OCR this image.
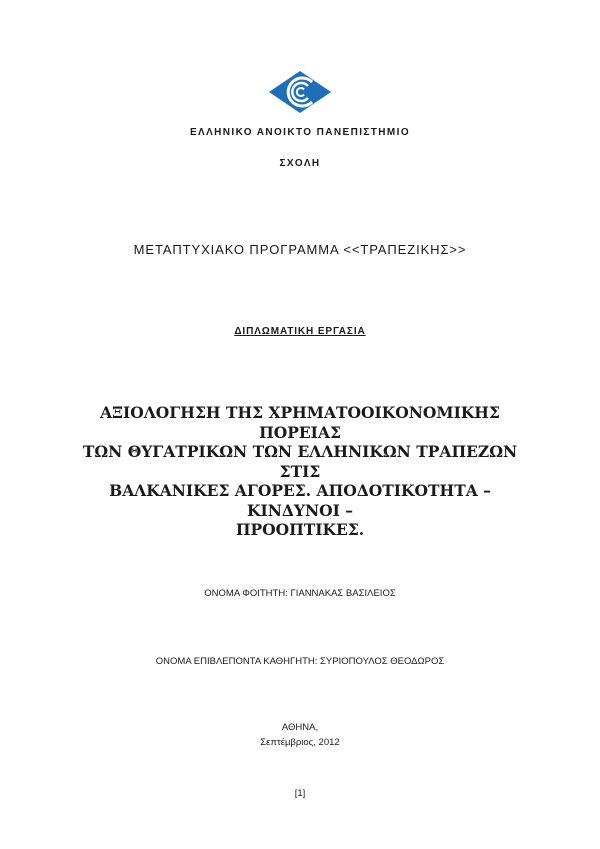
ΕΛΛΗΝΙΚΟ ΑΝΟΙΚΤΟ ΠΑΝΕΠΙΣΤΗΜΙΟ
ΣΧΟΛΗ
ΜΕΤΑΠΤΥΧΙΑΚΟ ΠΡΟΓΡΑΜΜΑ <<ΤΡΑΠΕΖΙΚΗΣ>>
ΔΙΠΛΩΜΑΤΙΚΗ ΕΡΓΑΣΙΑ
ΑΞΙΟΛΟΓΗΣΗ ΤΗΣ ΧΡΗΜΑΤΟΟΙΚΟΝΟΜΙΚΗΣ ΠΟΡΕΙΑΣ
ΤΩΝ ΘΥΓΑΤΡΙΚΩΝ ΤΩΝ ΕΛΛΗΝΙΚΩΝ ΤΡΑΠΕΖΩΝ ΣΤΙΣ
ΒΑΛΚΑΝΙΚΕΣ ΑΓΟΡΕΣ. ΑΠΟΔΟΤΙΚΟΤΗΤΑ – ΚΙΝΔΥΝΟΙ –
ΠΡΟΟΠΤΙΚΕΣ.
ΟΝΟΜΑ ΦΟΙΤΗΤΗ: ΓΙΑΝΝΑΚΑΣ ΒΑΣΙΛΕΙΟΣ
ΟΝΟΜΑ ΕΠΙΒΛΕΠΟΝΤΑ ΚΑΘΗΓΗΤΗ: ΣΥΡΙΟΠΟΥΛΟΣ ΘΕΟΔΩΡΟΣ
ΑΘΗΝΑ,
Σεπτέμβριος, 2012
[1]
